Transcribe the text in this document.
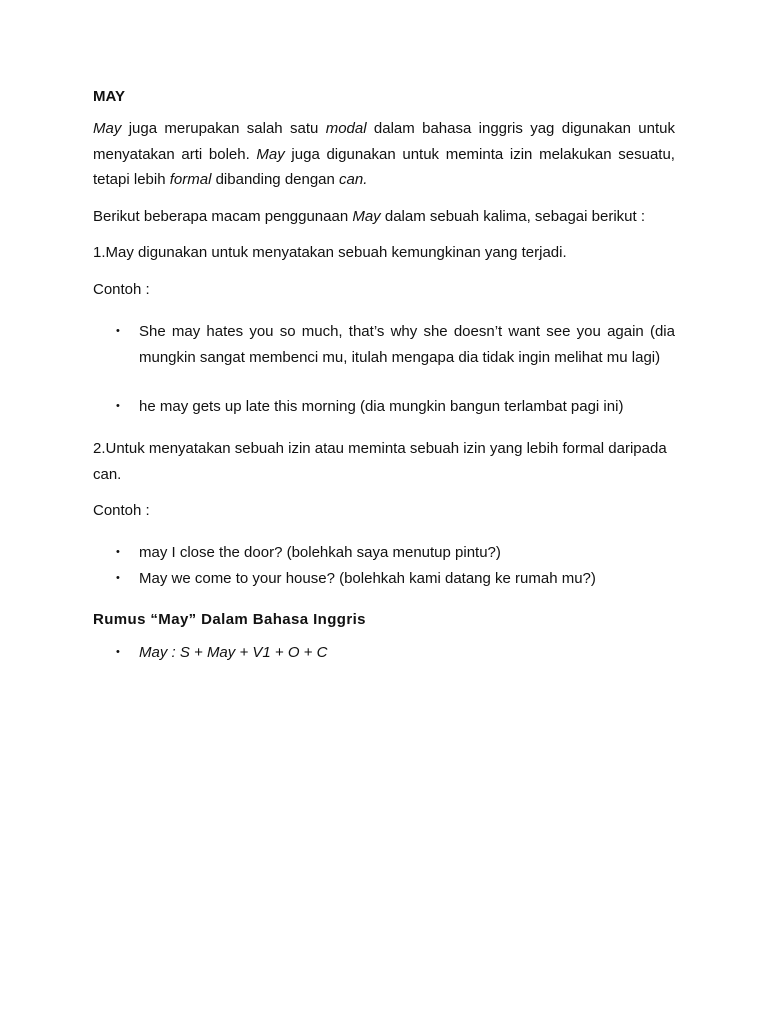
MAY
May juga merupakan salah satu modal dalam bahasa inggris yag digunakan untuk menyatakan arti boleh. May juga digunakan untuk meminta izin melakukan sesuatu, tetapi lebih formal dibanding dengan can.
Berikut beberapa macam penggunaan May dalam sebuah kalima, sebagai berikut :
1.May digunakan untuk menyatakan sebuah kemungkinan yang terjadi.
Contoh :
• She may hates you so much, that’s why she doesn’t want see you again (dia mungkin sangat membenci mu, itulah mengapa dia tidak ingin melihat mu lagi)
• he may gets up late this morning (dia mungkin bangun terlambat pagi ini)
2.Untuk menyatakan sebuah izin atau meminta sebuah izin yang lebih formal daripada can.
Contoh :
• may I close the door? (bolehkah saya menutup pintu?)
• May we come to your house? (bolehkah kami datang ke rumah mu?)
Rumus “May” Dalam Bahasa Inggris
• May : S + May + V1 + O + C
